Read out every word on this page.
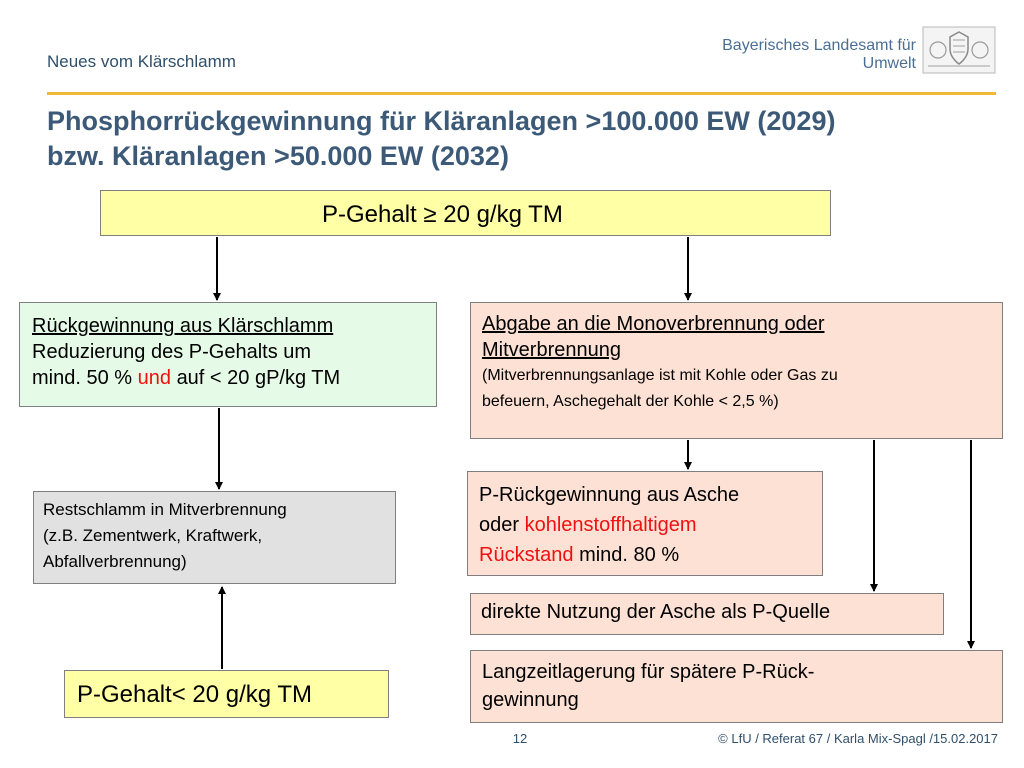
Neues vom Klärschlamm
Bayerisches Landesamt für
Umwelt
Phosphorrückgewinnung für Kläranlagen >100.000 EW (2029)
bzw. Kläranlagen >50.000 EW (2032)
P-Gehalt ≥ 20 g/kg TM
Rückgewinnung aus Klärschlamm
Reduzierung des P-Gehalts um
mind. 50 % und auf < 20 gP/kg TM
Abgabe an die Monoverbrennung oder
Mitverbrennung
(Mitverbrennungsanlage ist mit Kohle oder Gas zu
befeuern, Aschegehalt der Kohle < 2,5 %)
Restschlamm in Mitverbrennung
(z.B. Zementwerk, Kraftwerk,
Abfallverbrennung)
P-Rückgewinnung aus Asche
oder kohlenstoffhaltigem
Rückstand mind. 80 %
direkte Nutzung der Asche als P-Quelle
Langzeitlagerung für spätere P-Rück-
gewinnung
P-Gehalt< 20 g/kg TM
12	© LfU / Referat 67 / Karla Mix-Spagl /15.02.2017
